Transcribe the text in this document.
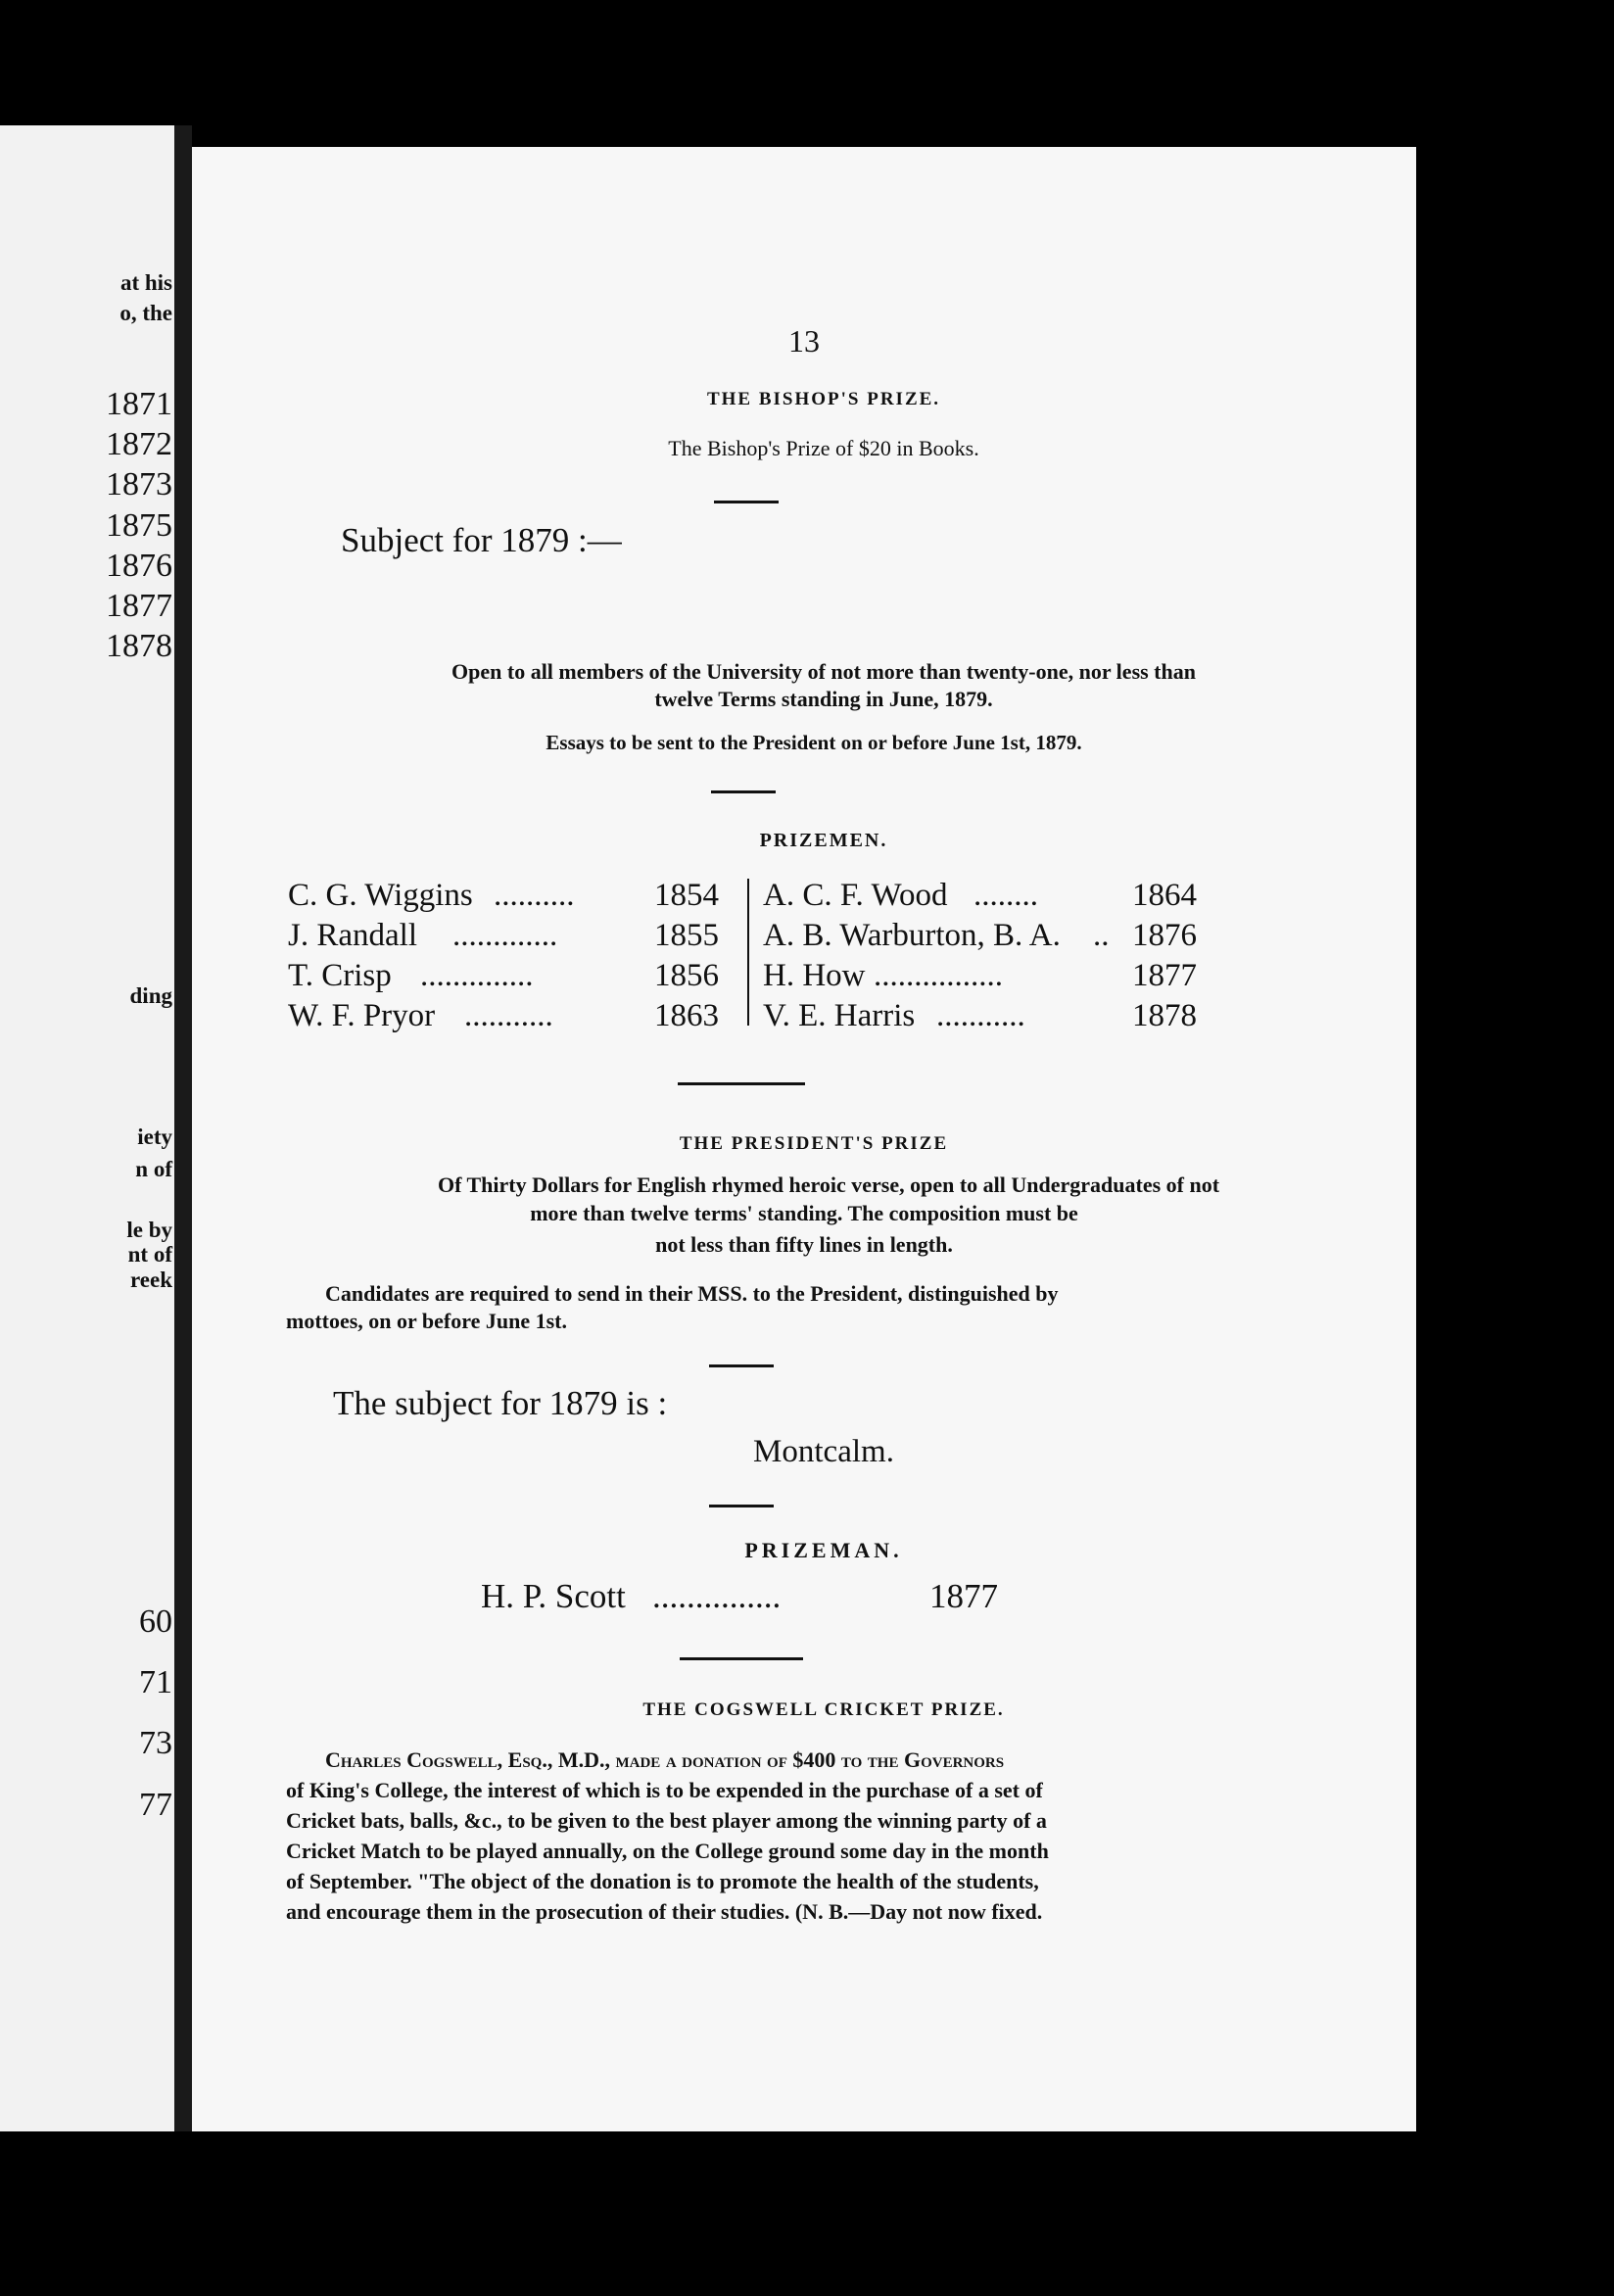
at his
o, the
1871
1872
1873
1875
1876
1877
1878
ding
iety
n of
le by
nt of
reek
60
71
73
77
13
THE BISHOP'S PRIZE.
The Bishop's Prize of $20 in Books.
Subject for 1879 :—
Open to all members of the University of not more than twenty-one, nor less than
twelve Terms standing in June, 1879.
Essays to be sent to the President on or before June 1st, 1879.
PRIZEMEN.
C. G. Wiggins .......... 1854 A. C. F. Wood ........	1864
J. Randall .............	1855 A. B. Warburton, B. A. .. 1876
T. Crisp ..............	1856 H. How ................	1877
W. F. Pryor ...........	1863 V. E. Harris ...........	1878
THE PRESIDENT'S PRIZE
Of Thirty Dollars for English rhymed heroic verse, open to all Undergraduates of not
more than twelve terms' standing. The composition must be
not less than fifty lines in length.
Candidates are required to send in their MSS. to the President, distinguished by
mottoes, on or before June 1st.
The subject for 1879 is :
Montcalm.
PRIZEMAN.
H. P. Scott ...............	1877
THE COGSWELL CRICKET PRIZE.
Charles Cogswell, Esq., M.D., made a donation of $400 to the Governors
of King's College, the interest of which is to be expended in the purchase of a set of
Cricket bats, balls, &c., to be given to the best player among the winning party of a
Cricket Match to be played annually, on the College ground some day in the month
of September. "The object of the donation is to promote the health of the students,
and encourage them in the prosecution of their studies. (N. B.—Day not now fixed.
